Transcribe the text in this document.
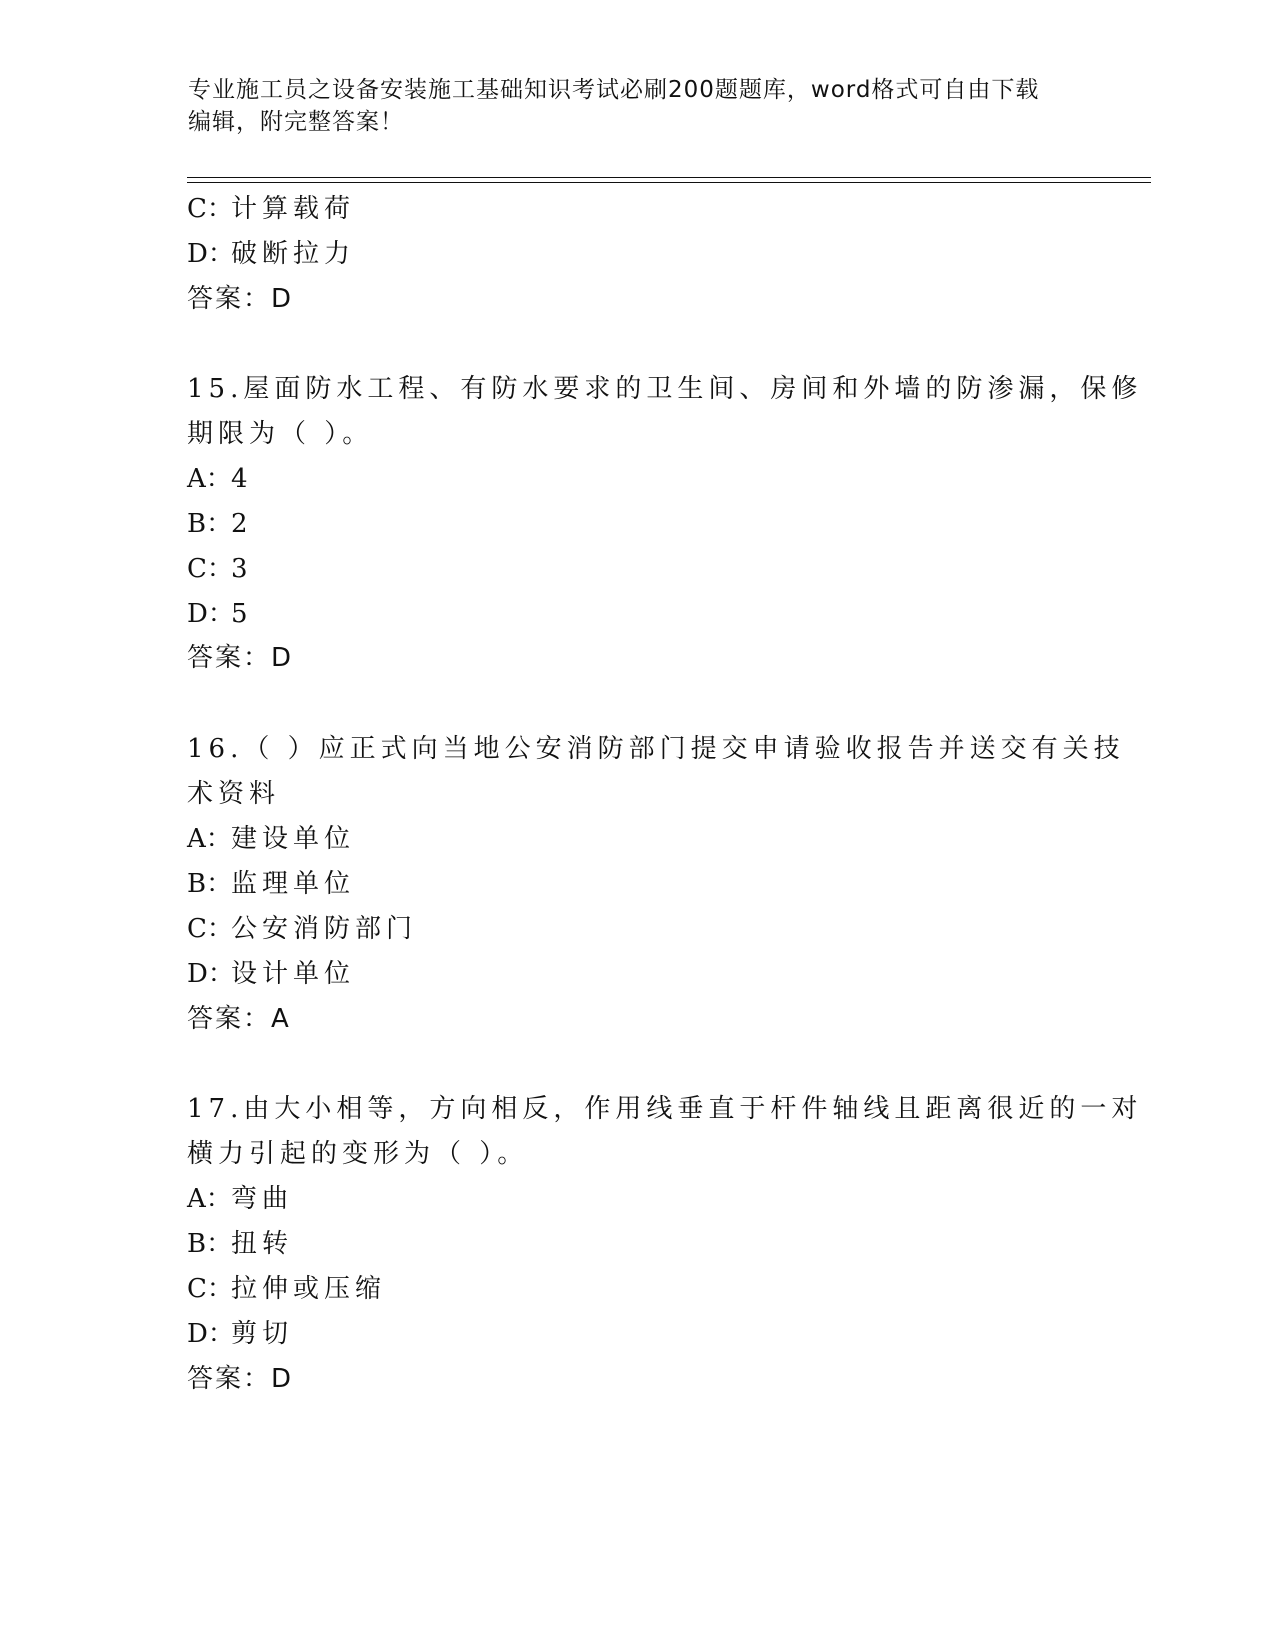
专业施工员之设备安装施工基础知识考试必刷200题题库，word格式可自由下载
编辑，附完整答案！
C：计算载荷
D：破断拉力
答案：D
15.屋面防水工程、有防水要求的卫生间、房间和外墙的防渗漏，保修
期限为（ ）。
A：4
B：2
C：3
D：5
答案：D
16.（ ）应正式向当地公安消防部门提交申请验收报告并送交有关技
术资料
A：建设单位
B：监理单位
C：公安消防部门
D：设计单位
答案：A
17.由大小相等，方向相反，作用线垂直于杆件轴线且距离很近的一对
横力引起的变形为（ ）。
A：弯曲
B：扭转
C：拉伸或压缩
D：剪切
答案：D
